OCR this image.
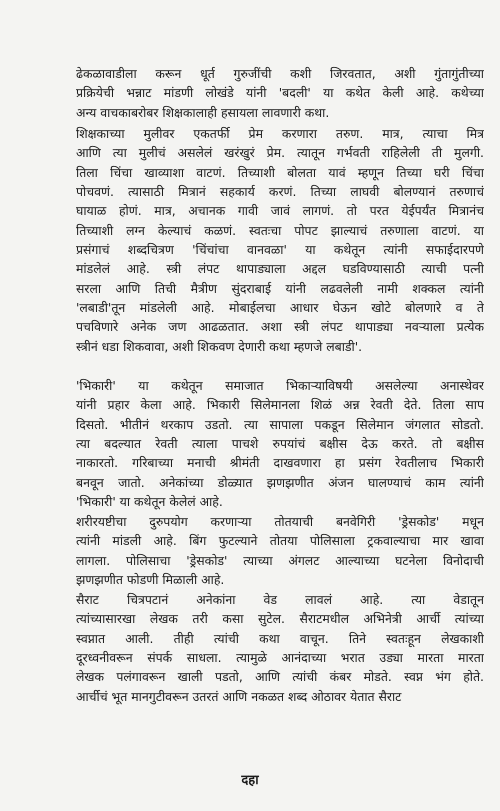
ढेकळावाडीला करून धूर्त गुरुजींची कशी जिरवतात, अशी गुंतागुंतीच्या
प्रक्रियेची भन्नाट मांडणी लोखंडे यांनी 'बदली' या कथेत केली आहे. कथेच्या
अन्य वाचकाबरोबर शिक्षकालाही हसायला लावणारी कथा.
शिक्षकाच्या मुलीवर एकतर्फी प्रेम करणारा तरुण. मात्र, त्याचा मित्र
आणि त्या मुलीचं असलेलं खरंखुरं प्रेम. त्यातून गर्भवती राहिलेली ती मुलगी.
तिला चिंचा खाव्याशा वाटणं. तिच्याशी बोलता यावं म्हणून तिच्या घरी चिंचा
पोचवणं. त्यासाठी मित्रानं सहकार्य करणं. तिच्या लाघवी बोलण्यानं तरुणाचं
घायाळ होणं. मात्र, अचानक गावी जावं लागणं. तो परत येईपर्यंत मित्रानंच
तिच्याशी लग्न केल्याचं कळणं. स्वतःचा पोपट झाल्याचं तरुणाला वाटणं. या
प्रसंगाचं शब्दचित्रण 'चिंचांचा वानवळा' या कथेतून त्यांनी सफाईदारपणे
मांडलेलं आहे. स्त्री लंपट थापाड्याला अद्दल घडविण्यासाठी त्याची पत्नी
सरला आणि तिची मैत्रीण सुंदराबाई यांनी लढवलेली नामी शक्कल त्यांनी
'लबाडी'तून मांडलेली आहे. मोबाईलचा आधार घेऊन खोटे बोलणारे व ते
पचविणारे अनेक जण आढळतात. अशा स्त्री लंपट थापाड्या नवऱ्याला प्रत्येक
स्त्रीनं धडा शिकवावा, अशी शिकवण देणारी कथा म्हणजे लबाडी'.
'भिकारी' या कथेतून समाजात भिकाऱ्याविषयी असलेल्या अनास्थेवर
यांनी प्रहार केला आहे. भिकारी सिलेमानला शिळं अन्न रेवती देते. तिला साप
दिसतो. भीतीनं थरकाप उडतो. त्या सापाला पकडून सिलेमान जंगलात सोडतो.
त्या बदल्यात रेवती त्याला पाचशे रुपयांचं बक्षीस देऊ करते. तो बक्षीस
नाकारतो. गरिबाच्या मनाची श्रीमंती दाखवणारा हा प्रसंग रेवतीलाच भिकारी
बनवून जातो. अनेकांच्या डोळ्यात झणझणीत अंजन घालण्याचं काम त्यांनी
'भिकारी' या कथेतून केलेलं आहे.
शरीरयष्टीचा दुरुपयोग करणाऱ्या तोतयाची बनवेगिरी 'ड्रेसकोड' मधून
त्यांनी मांडली आहे. बिंग फुटल्याने तोतया पोलिसाला ट्रकवाल्याचा मार खावा
लागला. पोलिसाचा 'ड्रेसकोड' त्याच्या अंगलट आल्याच्या घटनेला विनोदाची
झणझणीत फोडणी मिळाली आहे.
सैराट चित्रपटानं अनेकांना वेड लावलं आहे. त्या वेडातून
त्यांच्यासारखा लेखक तरी कसा सुटेल. सैराटमधील अभिनेत्री आर्ची त्यांच्या
स्वप्नात आली. तीही त्यांची कथा वाचून. तिने स्वतःहून लेखकाशी
दूरध्वनीवरून संपर्क साधला. त्यामुळे आनंदाच्या भरात उड्या मारता मारता
लेखक पलंगावरून खाली पडतो, आणि त्यांची कंबर मोडते. स्वप्न भंग होते.
आर्चीचं भूत मानगुटीवरून उतरतं आणि नकळत शब्द ओठावर येतात सैराट
दहा
